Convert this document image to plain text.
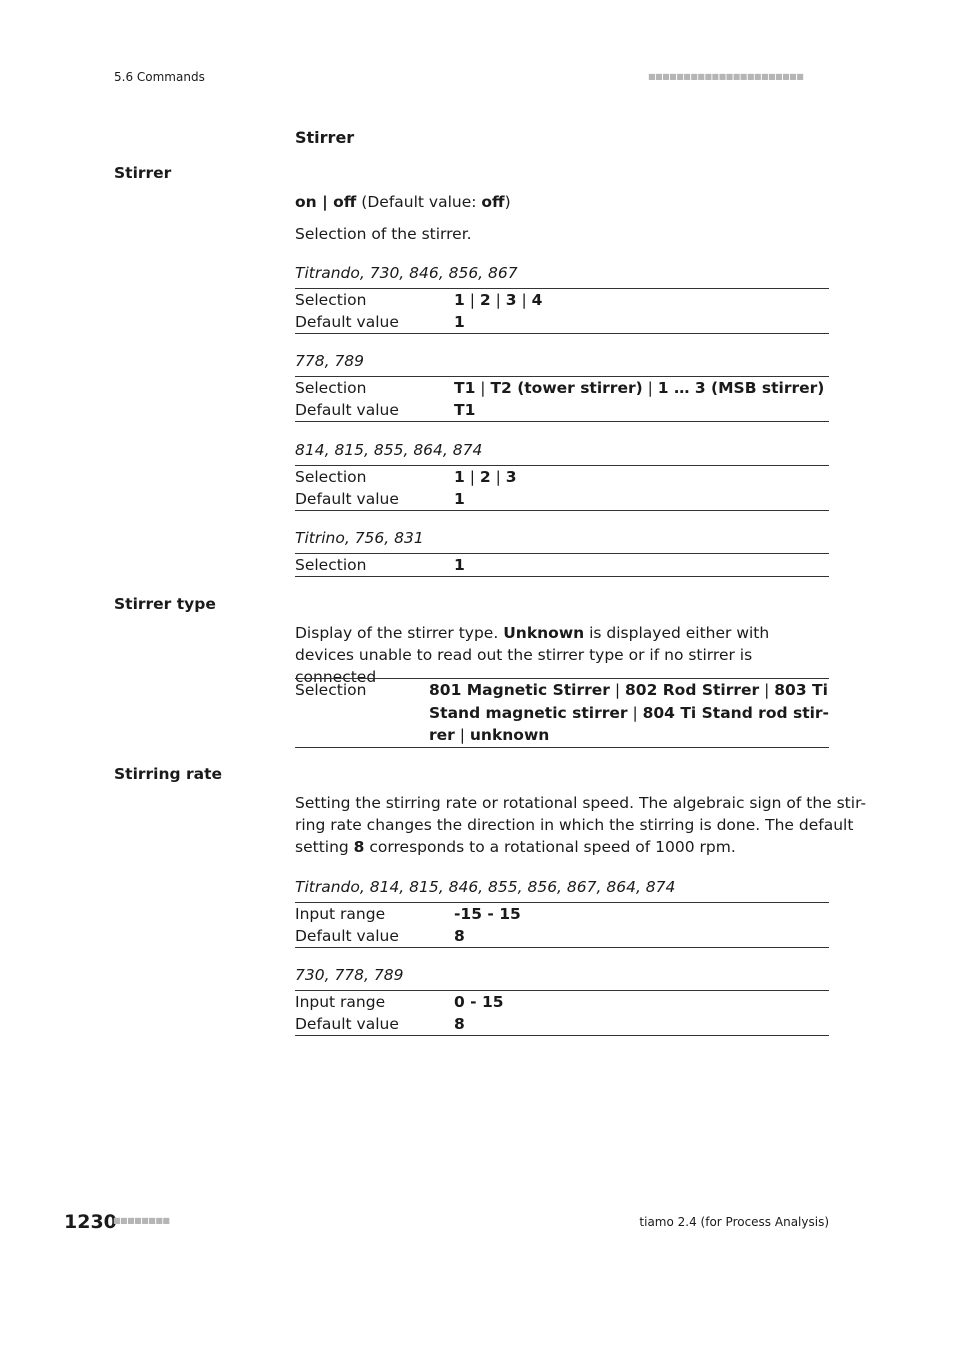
5.6 Commands	■■■■■■■■■■■■■■■■■■■■■■
Stirrer
Stirrer
on | off (Default value: off)
Selection of the stirrer.
Titrando, 730, 846, 856, 867
Selection	1 | 2 | 3 | 4
Default value	1
778, 789
Selection	T1 | T2 (tower stirrer) | 1 … 3 (MSB stirrer)
Default value	T1
814, 815, 855, 864, 874
Selection	1 | 2 | 3
Default value	1
Titrino, 756, 831
Selection	1
Stirrer type
Display of the stirrer type. Unknown is displayed either with devices unable to read out the stirrer type or if no stirrer is connected
Selection	801 Magnetic Stirrer | 802 Rod Stirrer | 803 Ti
Stand magnetic stirrer | 804 Ti Stand rod stir-
rer | unknown
Stirring rate
Setting the stirring rate or rotational speed. The algebraic sign of the stir-
ring rate changes the direction in which the stirring is done. The default
setting 8 corresponds to a rotational speed of 1000 rpm.
Titrando, 814, 815, 846, 855, 856, 867, 864, 874
Input range	-15 - 15
Default value	8
730, 778, 789
Input range	0 - 15
Default value	8
1230
■■■■■■■■	tiamo 2.4 (for Process Analysis)
